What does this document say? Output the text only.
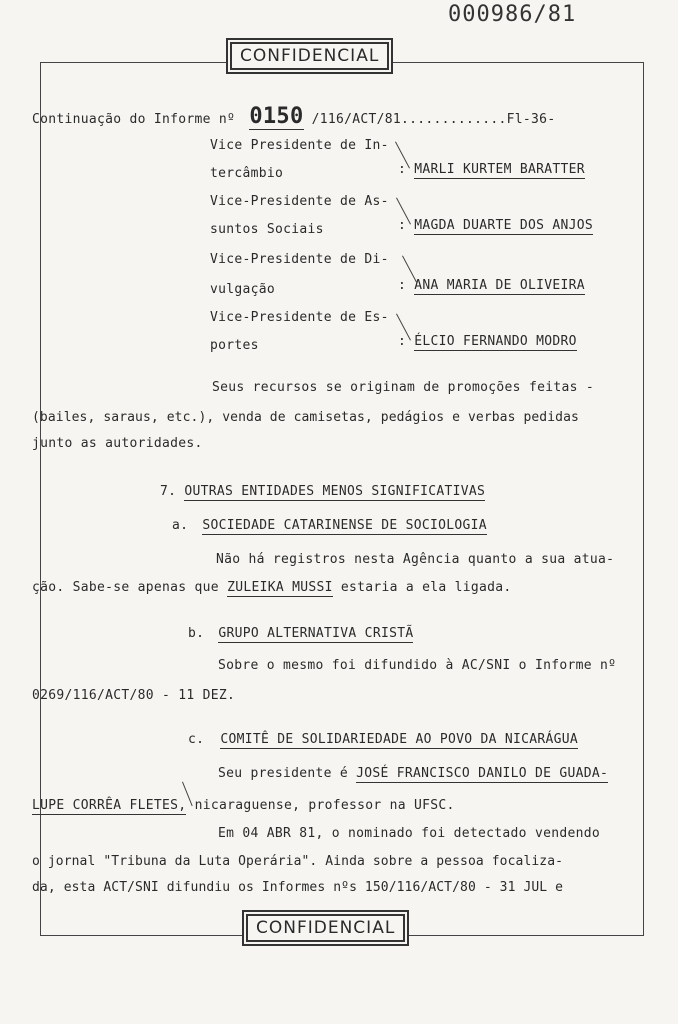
000986/81
CONFIDENCIAL
Continuação do Informe nº 0150 /116/ACT/81.............Fl-36-
Vice Presidente de In-
tercâmbio	: MARLI KURTEM BARATTER
Vice-Presidente de As-
suntos Sociais	: MAGDA DUARTE DOS ANJOS
Vice-Presidente de Di-
vulgação	: ANA MARIA DE OLIVEIRA
Vice-Presidente de Es-
portes	: ÉLCIO FERNANDO MODRO
Seus recursos se originam de promoções feitas -
(bailes, saraus, etc.), venda de camisetas, pedágios e verbas pedidas
junto as autoridades.
7. OUTRAS ENTIDADES MENOS SIGNIFICATIVAS
a. SOCIEDADE CATARINENSE DE SOCIOLOGIA
Não há registros nesta Agência quanto a sua atua-
ção. Sabe-se apenas que ZULEIKA MUSSI estaria a ela ligada.
b. GRUPO ALTERNATIVA CRISTÃ
Sobre o mesmo foi difundido à AC/SNI o Informe nº
0269/116/ACT/80 - 11 DEZ.
c. COMITÊ DE SOLIDARIEDADE AO POVO DA NICARÁGUA
Seu presidente é JOSÉ FRANCISCO DANILO DE GUADA-
LUPE CORRÊA FLETES, nicaraguense, professor na UFSC.
Em 04 ABR 81, o nominado foi detectado vendendo
o jornal "Tribuna da Luta Operária". Ainda sobre a pessoa focaliza-
da, esta ACT/SNI difundiu os Informes nºs 150/116/ACT/80 - 31 JUL e
CONFIDENCIAL
